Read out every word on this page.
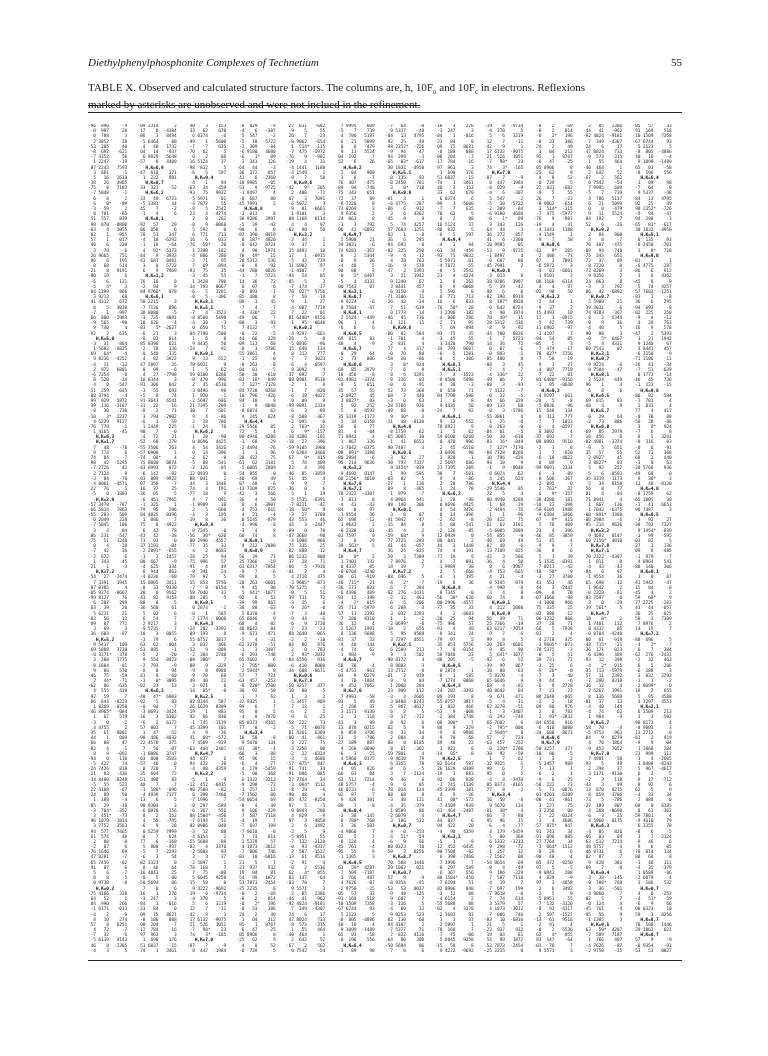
Diethylphenylphosphonite Complexes of Technetium	55
TABLE X. Observed and calculated structure factors. The columns are, h, $10F_o$ and $10F_c$ in electrons. Reflexions
marked by asterisks are unobserved and were not inclued in the refinement.
-96  890     -9
-0  987     28
0  788      3
2 3852     28
-53  205     40
-8  692   -621
-7 4352     50
1 2247    -19
87 2243   7593
3  881     -1
5   16   2618
-18   26   4905
-75    8   7183
-7 5048     -1
6    8      2
6    0*   -09
-3   59      2
0  701    -65
51  557    839
98  070  -0880
-03    4   3855
02    1   -955
57    1    017
40    6    220
3   78     -6
26 9665    751
96    6    195
0   68    514
-21    8   9191
-00   19      6
-6    6    121
-5    4*     3
04 1199    866
3 9213     68
41 4312    672
0    5   3030
-7    1   -997
66  000  -2983
-9  565    -90
9  740      4
-92    2    635
H,K=5,0
-3   31   -864
1 5602  -6825
69   64*    -4
9 8236  -4252
-4   11    -33
2  972   6801
-6 7354     -0
8  520    -24
4    0   -547
-51  259   -645
-08 3794     -4
99  929   5872
39  116  -3187
-8   30   -736
-10    3*  2237
4 5229   9127
-76  778     -1
1 4165    -41
H,K=6,3
H,K=1,7
7   48    -78
9  774      6
74   04     -7
98   42  -5295
-7 2726     42
2 7124      9
-3   84    -78
-4 8061  -4571
22   76      1
-5    0  -1803
H,K=2,9
-57 3478   -787
-66 5814   7863
-55  283    509
0 2049    228
-7 5045    106
3    4     04
06  231   -547
-75   51  -1240
0    4    -28
-7   42     36
-2  672     -6
1  343     45
21    1     -3
H,K=7,2
-54   27  -2474
7 3391   1945
07 0305      4
-05 9274  -0607
-99 8127     76
6  207    299
63   39     20
5 6231     21
-03   56     12
09   87    771
3   69      3
36  603    -87
H,K=5,2
9 5417    109
69 5888   3738
-0 3371*  -378
3  288   1775
-8 1604    -01
9   86    570
-46   75    -59
2   44*   -71
-62   86   -635
4  555    419
92   59      7
86  644  -8223
1 8269  -0250
-46 8965*  -084
1   67    519
-3    0     -2
4 4755      2
35   61   8801
44    1    009
-66   88     47
-82    4     -1
8    9   -091
-94    0   -110
-5  427     74
-24 7426    818
-21   83   -436
-34 8480  -8248
-5   55    523
22 5188    -67
-24   89     50
1  188     -4
-85   29    -38
-3  704*  -352
3  451*   -73
96 1079  -1814
3 7752  -3563
94  577   7465
61  574     48
2   88     -0
-2   07      6
-76 1646     69
47 8281     -7
65 7456    -02
91   07      6
5    6     -7
0    8     -5
0 9738     -8
H,K=0,2
-75 4166    328
64   52      1
84  990    266
-1 6171   -033
-4    2     -9
8   10    274
57    8   6251
4   72     -7
-7   32     -6
-5 6119   4143
46    8  -2385
4    3      5
-09 2314      2
17    0  -4384
-86    3   8494
-5 6464     88
4   48   1732
04   14   -937
6 9829   5648
-57    0   4409
H,K=6,9
-47  618    321
1  232    901
H,K=8,7
-33  321    -52
H,K=6,2
-33   49   6723
-5 3381     44
45    7     -2
-1    4      6
H,K=8,1
-92   57     29
06  058      6
78   53    347
-4   10  -6292
-1   18    -64
4   92* -5173
-44    9  -3933
-43  681   0481
3    0   5722
6    9   7469
H,K=1,2
76   16      0
-2   94      9
84 9766*   078
H,K=6,1
50 2215      3
-7 7136    896
38 8080     -5
-3  735   4081
-10  626     -4
-83    5* -2627
-6   21      3
-8   02    814
-85 8396    621
-2   78    136
-0  540    335
4   82   3922
47 2897     35
0   09     -6
4   27  -7798
18 8344      3
-91  306    042
-3   55    693
-5    8     74
91 3643   6541
-31   22     16
-8    2     71
3  794  -2902
-6    1     59
1 2449    225
90    7     -0
-4   72     21
-52   60   -278
-55 7506    263
-57 0900      1
-74   08*     4
75 8600   0674
-43 8993    872
6  142    -92
-03  009  -9922
07  358     -7
16   37     25
-36   05      5
-6  451  -7965
-1  325      1
-79   95    296
04 4825   0196
1  086      7
75    8  -4922
6   42     78
-43   42    -38
73   03     -0
-37 3193    -04
2 2091*  -655
-1    2  -1457
00  667     -9
-4  625    334
8  944    863
-4 0236    -60
15 0805   3411
-0   33   9330
20    6   9562
-43   82   9153
-80    8      5
-36  560     61
5   02      6
6   54      7
2 9217      3
-9 5735      7
-10    3   0055
-3   79      6
63   62   -004
-53  085     -1
-5    2    -20
9  554  -8423
-2  793     -9
8    0     94
41    8     60
-3    0*  3095
-02   23     13
H,K=6,3
-40   47*  6903
-92    5     83
-0   94     -7
-3 0691  -3424
-16    3   6302
-6    2   6172
57  002      7
1   47     52
-98  486  -4032
22 4570    375
7   56    -07
-1 0886   3747
-03  000   3583
-57   46      0
0  720      7
-35  694     72
-51  400     83
40    7      7
-1  588*  -896
-4 4939   7177
-13    6      5
90 9304      3
-6 0970   -156
8    2    152
4   55   -745
-6    9     28
0 5259   7999
-0    7    624
77    6   -160
5  800   -937
-5    7  -2293
-6    3     54
-82 3323      0
8   48     64
-16 4841     25
-8    5     00
-50 5694     86
7    0      6
-16    3    276
-3  247      3
-84    1   -016
-23   84      0
-09   75   8621
-8  188    088
-08  204     -7
-17  784    -16
97  963      3
1  690    176
51 6037    -15
-74    1   3461
40    3   -153
33   62    670
6 0374     -6
-99    1  -5600
-7    7    635
-70   62      5
0    2     88
16 5124     37
-98  832      5
-6    5    597
H,K=9,4
-4    1     94
-63   34   -459
-93   75   9832
-5 5971    -01
-4 7872     55
-8    5   2542
23    4  -4274
2    8   -262
-0    9  -0068
5  592      0
6  771    713
16    6    033
-76   50*    20
1 2390   -182
-4  806    286
-2   71     95
7   69   -894
-93   75     35
-3   45     55
1 3428    790
-34  793   0667
-6    5   1281
-0    5   -306
H,K=8,1
H,K=5,1
-7    4  -1523
-8 8500   5498
-4   30     -3
0  650     71
04 7790   -500
1    6      8
9 4435     50
-24    7     92
H,K=9,1
9   13    552
78 6921      9
1    5     62
59 0100   6260
-0  470    996
2   45  -6510
-3 0496     98
1  920     -1
-2 5697    686
21 7395   -209
38    7   -501
9    4    -86
2   28    786
-1   24     70
H,K=6,2
1   28    -90
0 8696   4425
4   54   3426
0   14   -396
-2   62     -8
-5   88   -541
-2  126    -85
12 0939      0
88  041      2
44    3   1448
74    4    191
-77   18      9
4    7    091
-1 9989     38
2    5   -660
-4    3    195
-19    8     36
H,K=8,8
8 7345     -0
-56   30*   620
00 2996  -4557
-77   35     33
4    2  -8683
-28   25     94
-75  996     57
-91    4     49
-8  341     24
-79   97      5
-35  853   5756
-7    8  -0154
58 7040     33
-88  205     -5
H,K=9,5
0 2874     -1
-8    1    585
-7 1774   0060
H,K=4,3
-24  282  -3392
09  193      8
55 0757   3817
3  832    466
-53    9   -008
-2  384   2748
-08  300*     7
88    9   -329
-9    8   9988
-9   70     68
49   40     22
3  921      8
-14   05*    -8
H,K=2,5
02 0144    587
26 1629   0309
-19    1    883
92   06    830
-1  745  -1139
-45 3399    101
4    9    -36
41   08*  -572
-7 4509   -939
-63  464  -2407
H,K=4,7
44  837      6
94  422    -20
-4   90   4359
H,K=3,2
-5    1     -9
-12  452  -6435
-90 7508    -82
6  390  -7460
-7 1996      7
-0  297   -589
-6  367    556
88 1504*  -450
-7 6194     51
02 0906    040
-3   12     88
-4 6154      2
-55 5688     88
-02    4   3370
-2 5603     93
3    3     37
-2 5897      1
-78  168      7
7   75    -00
5 6045   9258
-15   58      8
9 4222  -9692
-19    0  -9734
-4  370      5
5    6   3219
12    7    -11
-42    9      1
17 6132  -9075
21  526   1051
-7   98*    23
74    3*  -165
H,K=7,0
-87    7     -9
8  447  -1984
-8  029     -9
-4    6   -307
5  547     -2
-5   10  -5722
-2  309    -84
-6 9180   4680
-6    1*    09
3  343    126
-64   44     -3
36  372    857
41    6  -2360
-10 9985    -05
-53    9  -9725
-1 8497      4
-0  687     80
-45 7991      2
H,K=0,8
-3  013      8
38 9286   3997
-5   39    -42
-98    6      0
-82  390   8919
8  187*  4820
-0  642   8724
4   90   1974
78   49*    15
28 5312    536
-8    9    -92
-44  780   0826
-1    7   5723
14   36     72
0   07     -6
-0  893     -1
-85  480      8
-88    3     45
-7    4     -7
-4  336*    22
-49   06      7
-88    3    -93
7 4132     -7
-0   22     -5
44   66    329
-09  113     60
-0    3  -5786
-55 3861      4
-1   25     -0
-8  263     -0
-04   01     -5
-50   30   -610
-83   16*  -849
7  127* -7170
-84 7728   8268
10  796   -426
94   10      9
-1    9  -8040
-8 6074     62
4  245    624
H,K=4,4
-29 5546     05
72    5      4
80 4940   4288
-1   68    -29
-2 4494    -76
1    1    -96
-20  422     75
-61   62   3181
-5 6005   2809
-54  855     -0
-40   69     49
87   48     -6
-13 7109    825
-42    3    566
-36    4     50
0    6  -3907
-4  753   -665
4   21     -4
0 5145   -879
-4  998     -8
-3    4      8
60   74      8
H,K=9,1
4  212   2080
H,K=8,9
56   39     71
25 7366    -19
63 6317  -7054
-9    7     -6
99    8      5
-20  263  -6601
-9   45     90
5  641* -1077
-92    6     52
-39   99    867
-38   88    -63
5 8370     -4
65 6646      9
-68    4    -82
40 8642     84
-9  671   -471
-5    4    -31
-62 3278    -51
-1    3  -3407
-6  293   -748
65 7602      6
-2  795*   000
2 5944*     8
57    7    724
-63  457   -252
-0  220*  2700
-30   92    -50
1    7     62
-32 9325      1
99    6      7
95    0      5
-4    8  -7470
85 8373  -8165
77    8     -2
H,K=3,4
16   50     -8
9 5670    134
-81   38*    -4
-66    3    -88
95   96     15
-6    4    -77
4  179  -5459
-5   00    368
6 1332  -3213
-9  298    -72
-1  257     12
-7 1562     00
-54 0654     69
-8    4    -49
9  106   -229
7  587   7118
-4   19      7
-7  697    199
-7 9618     -0
7   74    614
3 5379     57
4 1873  -3012
-7  006    746
-83   10  -6816
21    5      1
-23  937    932
19   04     81
54   99   1872
53 7873  -2454
-25 2235      0
-0    2    -69
-8    2    014
-0    2*   196
-0   33    386
24    2     49
3   04    212
95    1   8767
6   47    -25
05 8906      8
-25   62      9
4    8     52
-0  739      5
22  831   -682
-9    5     55
26    7    -23
-8 9062   -654
1  514*  -115
-7  475  -5972
-76    9   -981
-19    4     31
-4 1441   1188
-4 1549      1
-9    7     58
H,K=9,6
-42    9*   205
2  480    -71
67    3   7091
-6 5972      3
-9   01  -6661
1 9101      3
08 1168   6114
4    4     97
-02   90     50
H,K=3,2
-2   44      1
-9   37      2
15 4493     10
17    1  -0915
-5   42    739
11 6902    -97
-1 4107     -7
-94   54     85
-85    5      3
-7  474    -17
70  027*  5756
-7   58    -19
9    1     27
-4  087   7719
7   22     01
81 6480* -9156
-1   95  -0640
H,K=0,2
-4 9297   -661
-28    5     -8
-5 0036    -96
15  648    134
8  313    777
-7    7   1023
-6    4  -0597
8 3092      4
-37  092     -7
08 0901   9510
-2    1      8
-1    7   -820
-6   18  -4022
0   09      9
-99 9091   2334
6    3    -89
-8  508   -367
-2  095      0
2  763*    32
6    9*  -157
-38 4280   -181
-18   23   -396
-59 9105   1988
-9 6304   3466
67    9*   415
5   78    409
23    4    396
-46   85  -3859
51   45      4
-9    9     -7
-36    0      6
5    1     39
-5 1535  -8391
-7 0211    -42
-18   50*     9
-3   27   3780
43  553     46
44    3  -2447
-09    0     70
-07 3668    -98
-4 1008    966
75  335     25
-82  888    -12
06 1232    808
37   28     71
-66    5  -7938
-01    2      4
4 2718    475
-3 9605*  -073
-70 5375     -3
-0    5     51
39  731     72
-3   25      6
-9   26*    -0
-7    3    -40
-9   44     -6
-6    9   2720
7   23    -23
88 2640   -065
-2    2    -18
04   80    976
2    0    783
2   93* -2832
-84 6550    916
-6  410   8080
-34  688  -8671
H,K=0,6
H,K=7,9
-50 3257    477
-10   80     -5
1    3      2
-5 3457    909
7   13      1
-6    2      1
-9    6    -25
-58  222     73
-5   71  -0076
01 4261   6389
-00   41   -861
3  227    -75
-3 2256     00
-2   22  -0324
-3    4   4686
-57  875*   847
91  741     34
-91  096    085
27 7764     34
-3  064*  1512
-8   29     -6
-90   48      4
05  472  -8250
97    5     -5
-9 0943    208
4  829     -9
97    3  -4858
2    6   3492
-2    5      9
-5 8951     55
-7  132  -3120
-0   93  -4317
2  507  -1527
-13   61   9516
-2   91      4
-0    2   5536
62    4*   855
83  147    -64
-03   70      7
9 5571      3
2   85   2386
-44   41   -962
-92 4824  -9181
7  349  -4307
24    6     17
47 8024    733
-9  573   -315
1   55    464
-40  464      1
2  642     52
-67    2    562
0 7542    -54
7 9995    609
-5    7    739
4  786   5137
6   21   5099
0    0   -479
9   11   5524
04  192      7
52    6    -26
H,K=9,2
2   84    908
3    8     -7
76  407   -475
-89   94   -748
-75  343    651
-72   37     89
-8 7220      0
-72 0269      3
9 9356      2
24  063      8
-3    3    792
06   42  -6892
H,K=9,7
5 5908     21
39 3031     -6
74 9283   -367
8    2   5344
-0    9     36
-4   40      5
90   88      3
-0    5*  6407
-5    4   4331
00 7543     07
H,K=3,1
H,K=0,7
-9 9224     -6
0 7584    -47
H,K=8,1
2 5524   -449
96    1      4
-6    8      6
H,K=6,5
69  815     83
-48    4     -9
H,K=5,7
-0   29     64
-2   73    886
H,K=6,0
-69   85   2979
18  456     -8
-82 4981  -3374
-9    5    651
35   57     55
-2 0927     45
3 8827*    03
5   92    252
-5    6  -8593
35 3319  -1173
5   34   6158
56    8     77
81    4    -04
71 8941      4
1  867    136
-1 7042  -6375
-00  891*  3388
-80 2984     -6
95  214   9636
H,K=3,2
9 4692   0147
60 2156*  4010
H,K=7,8
H,K=7,1
70 2322  -4307
-1  011      0
-4   43    -43
-84    0     97
-1 9554     36
65  698    -12
1 9642      2
-0 2328    -61
-03 7597      0
3    0    -29
-39  561*     5
H,K=4,7
18    8*     2
1 7401    132
8 4337     85
-0 0704  -4240
00   61   -919
-48  715*   -21
-36  171    023
-6 4396    489
-93   12   -398
-4    2*   015
35  713  -5979
57   11   2392
-7  280   8310
-36   12      4
2 5267   1991
8  136   5688
-81   37     33
-4   40   -144
-4   74     62
1  984     -9
H,K=5,7
-58   70     -4
-5 4753   -963
04    9   0279
4   70  -1864
-9  452   7052
H,K=7,0
7 4981    -58
-93    5     49
2  298     37
3 1171  -9130
-2    3    118
-43    3     99
13  870   0215
8  859  -3706
-73    5   -786
-27  189    807
4  268  -0690
-6    3    -25
4 5960   0175
H,K=6,3
-4   05    826
-66   03     04
63  512   7214
48 5757     -4
46 0731      6
02   87      7
9  428    381
-89    7     -8
H,K=0,4
-3   38   -145
-0  788*   768
-3   36   -501
-4 9860      7
02    5      7
-0  124      4
-45  761     -4
-95   55      9
-1 1305      3
H,K=9,5
63   59*  4287
-7  509  -7187
1  766    487
-4 7626    -87
-2 9750    -25
-05   57     33
-91  169    518
-10 1509   7358
-67 6744     93
5 2123      5
-8  805  -4886
40   10     -4
9 1099  -1489
65   03    -58
-0  196    556
H,K=6,4
-3   09     98
-7   64     -0
9 5337    -48
-84   13   4795
92   25     49
98 2352*  -726
-9   94    -47
94  298     -3
-65   83*  -617
30 1832  -4950
H,K=5,1
0  135     93
-0 2450   -701
3    8*   718
H,K=9,0
-81    3      1
-6 4775   -287
-86    6    912
3    6   4362
-45    8      9
5   74   4257
57 7683  -1251
-83    1     -8
36    6    295
-94  693     -8
-82  225    250
-9    4    -12
4   28    763
-16    9    578
-47    2   5393
3   21   1942
9 1240     67
3 8441    457
-6 3150     -9
-71 3106     11
-26   43    -34
-7   51   -639
0 1773    -14
-46   45    736
-1  121    -15
H,K=9,8
-80   82   -584
-1  701      4
2  831      4
77    4    417
-0   70     88
-58   20    -86
3    8*   924
-7    6      8
8    5   3291
-0  316     03
-0    6    -91
52   73    368
68    2    440
-3    0     63
-28 5766    936
-49   68     -0
9   30*     3
-11   48  -8130
H,K=4,0
-8 1759     62
-65 3005     30
-1   41   6653
90 7487      3
H,K=0,5
-3   92     27
-38  793   7327
9 3454*  -839
-1   99   -595
-03   82      5
-27    1    136
09    8   -485
-1  979     -7
4 8964    541
-88  140    306
H,K=0,1
3    0     07
-41 5942    -47
-15   84     -8
-45    4      2
-59   68*     9
77 2725   -283
41   44   -057
36   25   -825
50    3   7309
7 8976      2
14   19      7
H,K=7,2
-88  696      5
-4    2*    -7
6    7    384
-62  276  -2431
-2   32    463
6    5   -206
-6  288      3
3  032   2293
-1    1     -2
-2 0699*    -0
-18    2    655
5   95   4588
3 7297   4551
H,K=2,1
6 2509    213
3    3   -502
-98 8172      4
-8 9803      3
13 2712     -8
-61    2    919
-9    9     04
1 2068    284
23  999    112
-3    4  -2605
3 0408  -8243
5  967  -4617
6    2      5
-9   17   -712
8   92      6
62    5      9
-4   33     34
2  084      0
08    0   6185
8   61   -362
-59 7801      4
-9 4610     79
6 3355     78
-8    6     -5
3    7  -2124
-9   46      6
9    6     05
-78  014    134
88   68      8
-3   48    111
-4   35   -379
1 0589    -86
-2 6079      4
3  186    532
H,K=0,7
4    0   -253
-4   51*   -59
-6    9     66
00 0323     10
59    3   8256
H,K=8,7
70  588   1446
29 1062    021
H,K=0,7
57    9     -9
-8 9354    -91
-53   53   0027
-9   48   -125
9  607     -7
-3  116      5
-4   09     12
9 0253    523
02  130     60
94 4187      2
-7 5377     71
7  822   4126
-64   80    300
-50 5694     86
7    0      6
-16    3    276
-3  247      3
-84    1   -016
-23   84      0
-09   75   8621
-8  188    088
-08  204     -7
-17  784    -16
97  963      3
1  690    176
51 6037    -15
-74    1   3461
40    3   -153
33   62    670
6 0374     -6
-99    1  -5600
-7    7    635
-70   62      5
0    2     88
16 5124     37
-98  832      5
-6    5    597
H,K=9,4
-4    1     94
-63   34   -459
-93   75   9832
-5 5971    -01
-4 7872     55
-8    5   2542
23    4  -4274
2    8   -262
-0    9  -0068
5  592      0
6  771    713
16    6    033
-76   50*    20
1 2390   -182
-4  806    286
-2   71     95
7   69   -894
-93   75     35
-3   45     55
1 3428    790
-34  793   0667
-6    5   1281
-0    5   -306
H,K=8,1
H,K=5,1
-7    4  -1523
-8 8500   5498
-4   30     -3
0  650     71
04 7790   -500
1    6      8
9 4435     50
-24    7     92
H,K=9,1
9   13    552
78 6921      9
1    5     62
59 0100   6260
-0  470    996
2   45  -6510
-3 0496     98
1  920     -1
-2 5697    686
21 7395   -209
38    7   -501
9    4    -86
2   28    786
-1   24     70
H,K=6,2
1   28    -90
0 8696   4425
4   54   3426
0   14   -396
-2   62     -8
-5   88   -541
-2  126    -85
12 0939      0
88  041      2
44    3   1448
74    4    191
-77   18      9
4    7    091
-1 9989     38
2    5   -660
-4    3    195
-19    8     36
H,K=8,8
8 7345     -0
-56   30*   620
00 2996  -4557
-77   35     33
4    2  -8683
-28   25     94
-75  996     57
-91    4     49
-8  341     24
-79   97      5
-35  853   5756
-7    8  -0154
58 7040     33
-88  205     -5
H,K=9,5
0 2874     -1
-8    1    585
-7 1774   0060
H,K=4,3
-24  282  -3392
09  193      8
55 0757   3817
3  832    466
-53    9   -008
-2  384   2748
-08  300*     7
88    9   -329
-9    8   9988
-9   70     68
49   40     22
3  921      8
-14   05*    -8
H,K=2,5
02 0144    587
26 1629   0309
-19    1    883
92   06    830
-1  745  -1139
-45 3399    101
4    9    -36
41   08*  -572
-7 4509   -939
-63  464  -2407
H,K=4,7
44  837      6
94  422    -20
-4   90   4359
H,K=3,2
-5    1     -9
-12  452  -6435
-90 7508    -82
6  390  -7460
-7 1996      7
-0  297   -589
-6  367    556
88 1504*  -450
-7 6194     51
02 0906    040
-3   12     88
-4 6154      2
-55 5688     88
-02    4   3370
-2 5603     93
3    3     37
-2 5897      1
-78  168      7
7   75    -00
5 6045   9258
-15   58      8
9 4222  -9692
-19    0  -9734
-4  370      5
5    6   3219
12    7    -11
-42    9      1
17 6132  -9075
21  526   1051
-7   98*    23
74    3*  -165
H,K=7,0
-87    7     -9
8  447  -1984
-8  029     -9
-4    6   -307
5  547     -2
-5   10  -5722
-2  309    -84
-6 9180   4680
-6    1*    09
3  343    126
-64   44     -3
36  372    857
41    6  -2360
-10 9985    -05
-53    9  -9725
-1 8497      4
-0  687     80
-45 7991      2
H,K=0,8
-3  013      8
38 9286   3997
-5   39    -42
-98    6      0
-82  390   8919
8  187*  4820
-0  642   8724
4   90   1974
78   49*    15
28 5312    536
-8    9    -92
-44  780   0826
-1    7   5723
14   36     72
0   07     -6
-0  893     -1
-85  480      8
-88    3     45
-7    4     -7
-4  336*    22
-49   06      7
-88    3    -93
7 4132     -7
-0   22     -5
44   66    329
-09  113     60
-0    3  -5786
-55 3861      4
-1   25     -0
-8  263     -0
-04   01     -5
-50   30   -610
-83   16*  -849
7  127* -7170
-84 7728   8268
10  796   -426
94   10      9
-1    9  -8040
-8 6074     62
4  245    624
H,K=4,4
-29 5546     05
72    5      4
80 4940   4288
-1   68    -29
-2 4494    -76
1    1    -96
-20  422     75
-61   62   3181
-5 6005   2809
-54  855     -0
-40   69     49
87   48     -6
-13 7109    825
-42    3    566
-36    4     50
0    6  -3907
-4  753   -665
4   21     -4
0 5145   -879
-4  998     -8
-3    4      8
60   74      8
H,K=9,1
4  212   2080
H,K=8,9
56   39     71
25 7366    -19
63 6317  -7054
-9    7     -6
99    8      5
-20  263  -6601
-9   45     90
5  641* -1077
-92    6     52
-39   99    867
-38   88    -63
5 8370     -4
65 6646      9
-68    4    -82
40 8642     84
-9  671   -471
-5    4    -31
-62 3278    -51
-1    3  -3407
-6  293   -748
65 7602      6
-2  795*   000
2 5944*     8
57    7    724
-63  457   -252
-0  220*  2700
-30   92    -50
1    7     62
-32 9325      1
99    6      7
95    0      5
-4    8  -7470
85 8373  -8165
77    8     -2
H,K=3,4
16   50     -8
9 5670    134
-81   38*    -4
-66    3    -88
95   96     15
-6    4    -77
4  179  -5459
-5   00    368
6 1332  -3213
-9  298    -72
-1  257     12
-7 1562     00
-54 0654     69
-8    4    -49
9  106   -229
7  587   7118
-4   19      7
-7  697    199
-7 9618     -0
7   74    614
3 5379     57
4 1873  -3012
-7  006    746
-83   10  -6816
21    5      1
-23  937    932
19   04     81
54   99   1872
53 7873  -2454
-25 2235      0
-0    2    -69
-8    2    014
-0    2*   196
-0   33    386
24    2     49
3   04    212
95    1   8767
6   47    -25
05 8906      8
-25   62      9
4    8     52
-0  739      5
22  831   -682
-9    5     55
26    7    -23
-8 9062   -654
1  514*  -115
-7  475  -5972
-76    9   -981
-19    4     31
-4 1441   1188
-4 1549      1
-9    7     58
H,K=9,6
-42    9*   205
2  480    -71
67    3   7091
-6 5972      3
-9   01  -6661
1 9101      3
08 1168   6114
4    4     97
-02   90     50
H,K=3,2
-2   44      1
-9   37      2
15 4493     10
17    1  -0915
-5   42    739
11 6902    -97
-1 4107     -7
-94   54     85
-85    5      3
-7  474    -17
70  027*  5756
-7   58    -19
9    1     27
-4  087   7719
7   22     01
81 6480* -9156
-1   95  -0640
H,K=0,2
-4 9297   -661
-28    5     -8
-5 0036    -96
15  648    134
8  313    777
-7    7   1023
-6    4  -0597
8 3092      4
-37  092     -7
08 0901   9510
-2    1      8
-1    7   -820
-6   18  -4022
0   09      9
-99 9091   2334
6    3    -89
-8  508   -367
-2  095      0
2  763*    32
6    9*  -157
-38 4280   -181
-18   23   -396
-59 9105   1988
-9 6304   3466
67    9*   415
5   78    409
23    4    396
-46   85  -3859
51   45      4
-9    9     -7
-36    0      6
5    1     39
-5 1535  -8391
-7 0211    -42
-18   50*     9
-3   27   3780
43  553     46
44    3  -2447
-09    0     70
-07 3668    -98
-4 1008    966
75  335     25
-82  888    -12
06 1232    808
37   28     71
-66    5  -7938
-01    2      4
4 2718    475
-3 9605*  -073
-70 5375     -3
-0    5     51
39  731     72
-3   25      6
-9   26*    -0
-7    3    -40
-9   44     -6
-6    9   2720
7   23    -23
88 2640   -065
-2    2    -18
04   80    976
2    0    783
2   93* -2832
-84 6550    916
-6  410   8080
-34  688  -8671
H,K=0,6
H,K=7,9
-50 3257    477
-10   80     -5
1    3      2
-5 3457    909
7   13      1
-6    2      1
-9    6    -25
-58  222     73
-5   71  -0076
01 4261   6389
-00   41   -861
3  227    -75
-3 2256     00
-2   22  -0324
-3    4   4686
-57  875*   847
91  741     34
-91  096    085
27 7764     34
-3  064*  1512
-8   29     -6
-90   48      4
05  472  -8250
97    5     -5
-9 0943    208
4  829     -9
97    3  -4858
2    6   3492
-2    5      9
-5 8951     55
-7  132  -3120
-0   93  -4317
2  507  -1527
-13   61   9516
-2   91      4
-0    2   5536
62    4*   855
83  147    -64
-03   70      7
9 5571      3
2   85   2386
-44   41   -962
-92 4824  -9181
7  349  -4307
24    6     17
47 8024    733
-9  573   -315
1   55    464
-40  464      1
2  642     52
-67    2    562
0 7542    -54
7 9995    609
-5    7    739
4  786   5137
6   21   5099
0    0   -479
9   11   5524
04  192      7
52    6    -26
H,K=9,2
2   84    908
3    8     -7
76  407   -475
-89   94   -748
-75  343    651
-72   37     89
-8 7220      0
-72 0269      3
9 9356      2
24  063      8
-3    3    792
06   42  -6892
H,K=9,7
5 5908     21
39 3031     -6
74 9283   -367
8    2   5344
-0    9     36
-4   40      5
90   88      3
-0    5*  6407
-5    4   4331
00 7543     07
H,K=3,1
H,K=0,7
-9 9224     -6
0 7584    -47
H,K=8,1
2 5524   -449
96    1      4
-6    8      6
H,K=6,5
69  815     83
-48    4     -9
H,K=5,7
-0   29     64
-2   73    886
H,K=6,0
-69   85   2979
18  456     -8
-82 4981  -3374
-9    5    651
35   57     55
-2 0927     45
3 8827*    03
5   92    252
-5    6  -8593
35 3319  -1173
5   34   6158
56    8     77
81    4    -04
71 8941      4
1  867    136
-1 7042  -6375
-00  891*  3388
-80 2984     -6
95  214   9636
H,K=3,2
9 4692   0147
60 2156*  4010
H,K=7,8
H,K=7,1
70 2322  -4307
-1  011      0
-4   43    -43
-84    0     97
-1 9554     36
65  698    -12
1 9642      2
-0 2328    -61
-03 7597      0
3    0    -29
-39  561*     5
H,K=4,7
18    8*     2
1 7401    132
8 4337     85
-0 0704  -4240
00   61   -919
-48  715*   -21
-36  171    023
-6 4396    489
-93   12   -398
-4    2*   015
35  713  -5979
57   11   2392
-7  280   8310
-36   12      4
2 5267   1991
8  136   5688
-81   37     33
-4   40   -144
-4   74     62
1  984     -9
H,K=5,7
-58   70     -4
-5 4753   -963
04    9   0279
4   70  -1864
-9  452   7052
H,K=7,0
7 4981    -58
-93    5     49
2  298     37
3 1171  -9130
-2    3    118
-43    3     99
13  870   0215
8  859  -3706
-73    5   -786
-27  189    807
4  268  -0690
-6    3    -25
4 5960   0175
H,K=6,3
-4   05    826
-66   03     04
63  512   7214
48 5757     -4
46 0731      6
02   87      7
9  428    381
-89    7     -8
H,K=0,4
-3   38   -145
-0  788*   768
-3   36   -501
-4 9860      7
02    5      7
-0  124      4
-45  761     -4
-95   55      9
-1 1305      3
H,K=9,5
63   59*  4287
-7  509  -7187
1  766    487
-4 7626    -87
-2 9750    -25
-05   57     33
-91  169    518
-10 1509   7358
-67 6744     93
5 2123      5
-8  805  -4886
40   10     -4
9 1099  -1489
65   03    -58
-0  196    556
H,K=6,4
-3   09     98
-7   64     -0
9 5337    -48
-84   13   4795
92   25     49
98 2352*  -726
-9   94    -47
94  298     -3
-65   83*  -617
30 1832  -4950
H,K=5,1
0  135     93
-0 2450   -701
3    8*   718
H,K=9,0
-81    3      1
-6 4775   -287
-86    6    912
3    6   4362
-45    8      9
5   74   4257
57 7683  -1251
-83    1     -8
36    6    295
-94  693     -8
-82  225    250
-9    4    -12
4   28    763
-16    9    578
-47    2   5393
3   21   1942
9 1240     67
3 8441    457
-6 3150     -9
-71 3106     11
-26   43    -34
-7   51   -639
0 1773    -14
-46   45    736
-1  121    -15
H,K=9,8
-80   82   -584
-1  701      4
2  831      4
77    4    417
-0   70     88
-58   20    -86
3    8*   924
-7    6      8
8    5   3291
-0  316     03
-0    6    -91
52   73    368
68    2    440
-3    0     63
-28 5766    936
-49   68     -0
9   30*     3
-11   48  -8130
H,K=4,0
-8 1759     62
-65 3005     30
-1   41   6653
90 7487      3
H,K=0,5
-3   92     27
-38  793   7327
9 3454*  -839
-1   99   -595
-03   82      5
-27    1    136
09    8   -485
-1  979     -7
4 8964    541
-88  140    306
H,K=0,1
3    0     07
-41 5942    -47
-15   84     -8
-45    4      2
-59   68*     9
77 2725   -283
41   44   -057
36   25   -825
50    3   7309
7 8976      2
14   19      7
H,K=7,2
-88  696      5
-4    2*    -7
6    7    384
-62  276  -2431
-2   32    463
6    5   -206
-6  288      3
3  032   2293
-1    1     -2
-2 0699*    -0
-18    2    655
5   95   4588
3 7297   4551
H,K=2,1
6 2509    213
3    3   -502
-98 8172      4
-8 9803      3
13 2712     -8
-61    2    919
-9    9     04
1 2068    284
23  999    112
-3    4  -2605
3 0408  -8243
5  967  -4617
6    2      5
-9   17   -712
8   92      6
62    5      9
-4   33     34
2  084      0
08    0   6185
8   61   -362
-59 7801      4
-9 4610     79
6 3355     78
-8    6     -5
3    7  -2124
-9   46      6
9    6     05
-78  014    134
88   68      8
-3   48    111
-4   35   -379
1 0589    -86
-2 6079      4
3  186    532
H,K=0,7
4    0   -253
-4   51*   -59
-6    9     66
00 0323     10
59    3   8256
H,K=8,7
70  588   1446
29 1062    021
H,K=0,7
57    9     -9
-8 9354    -91
-53   53   0027
